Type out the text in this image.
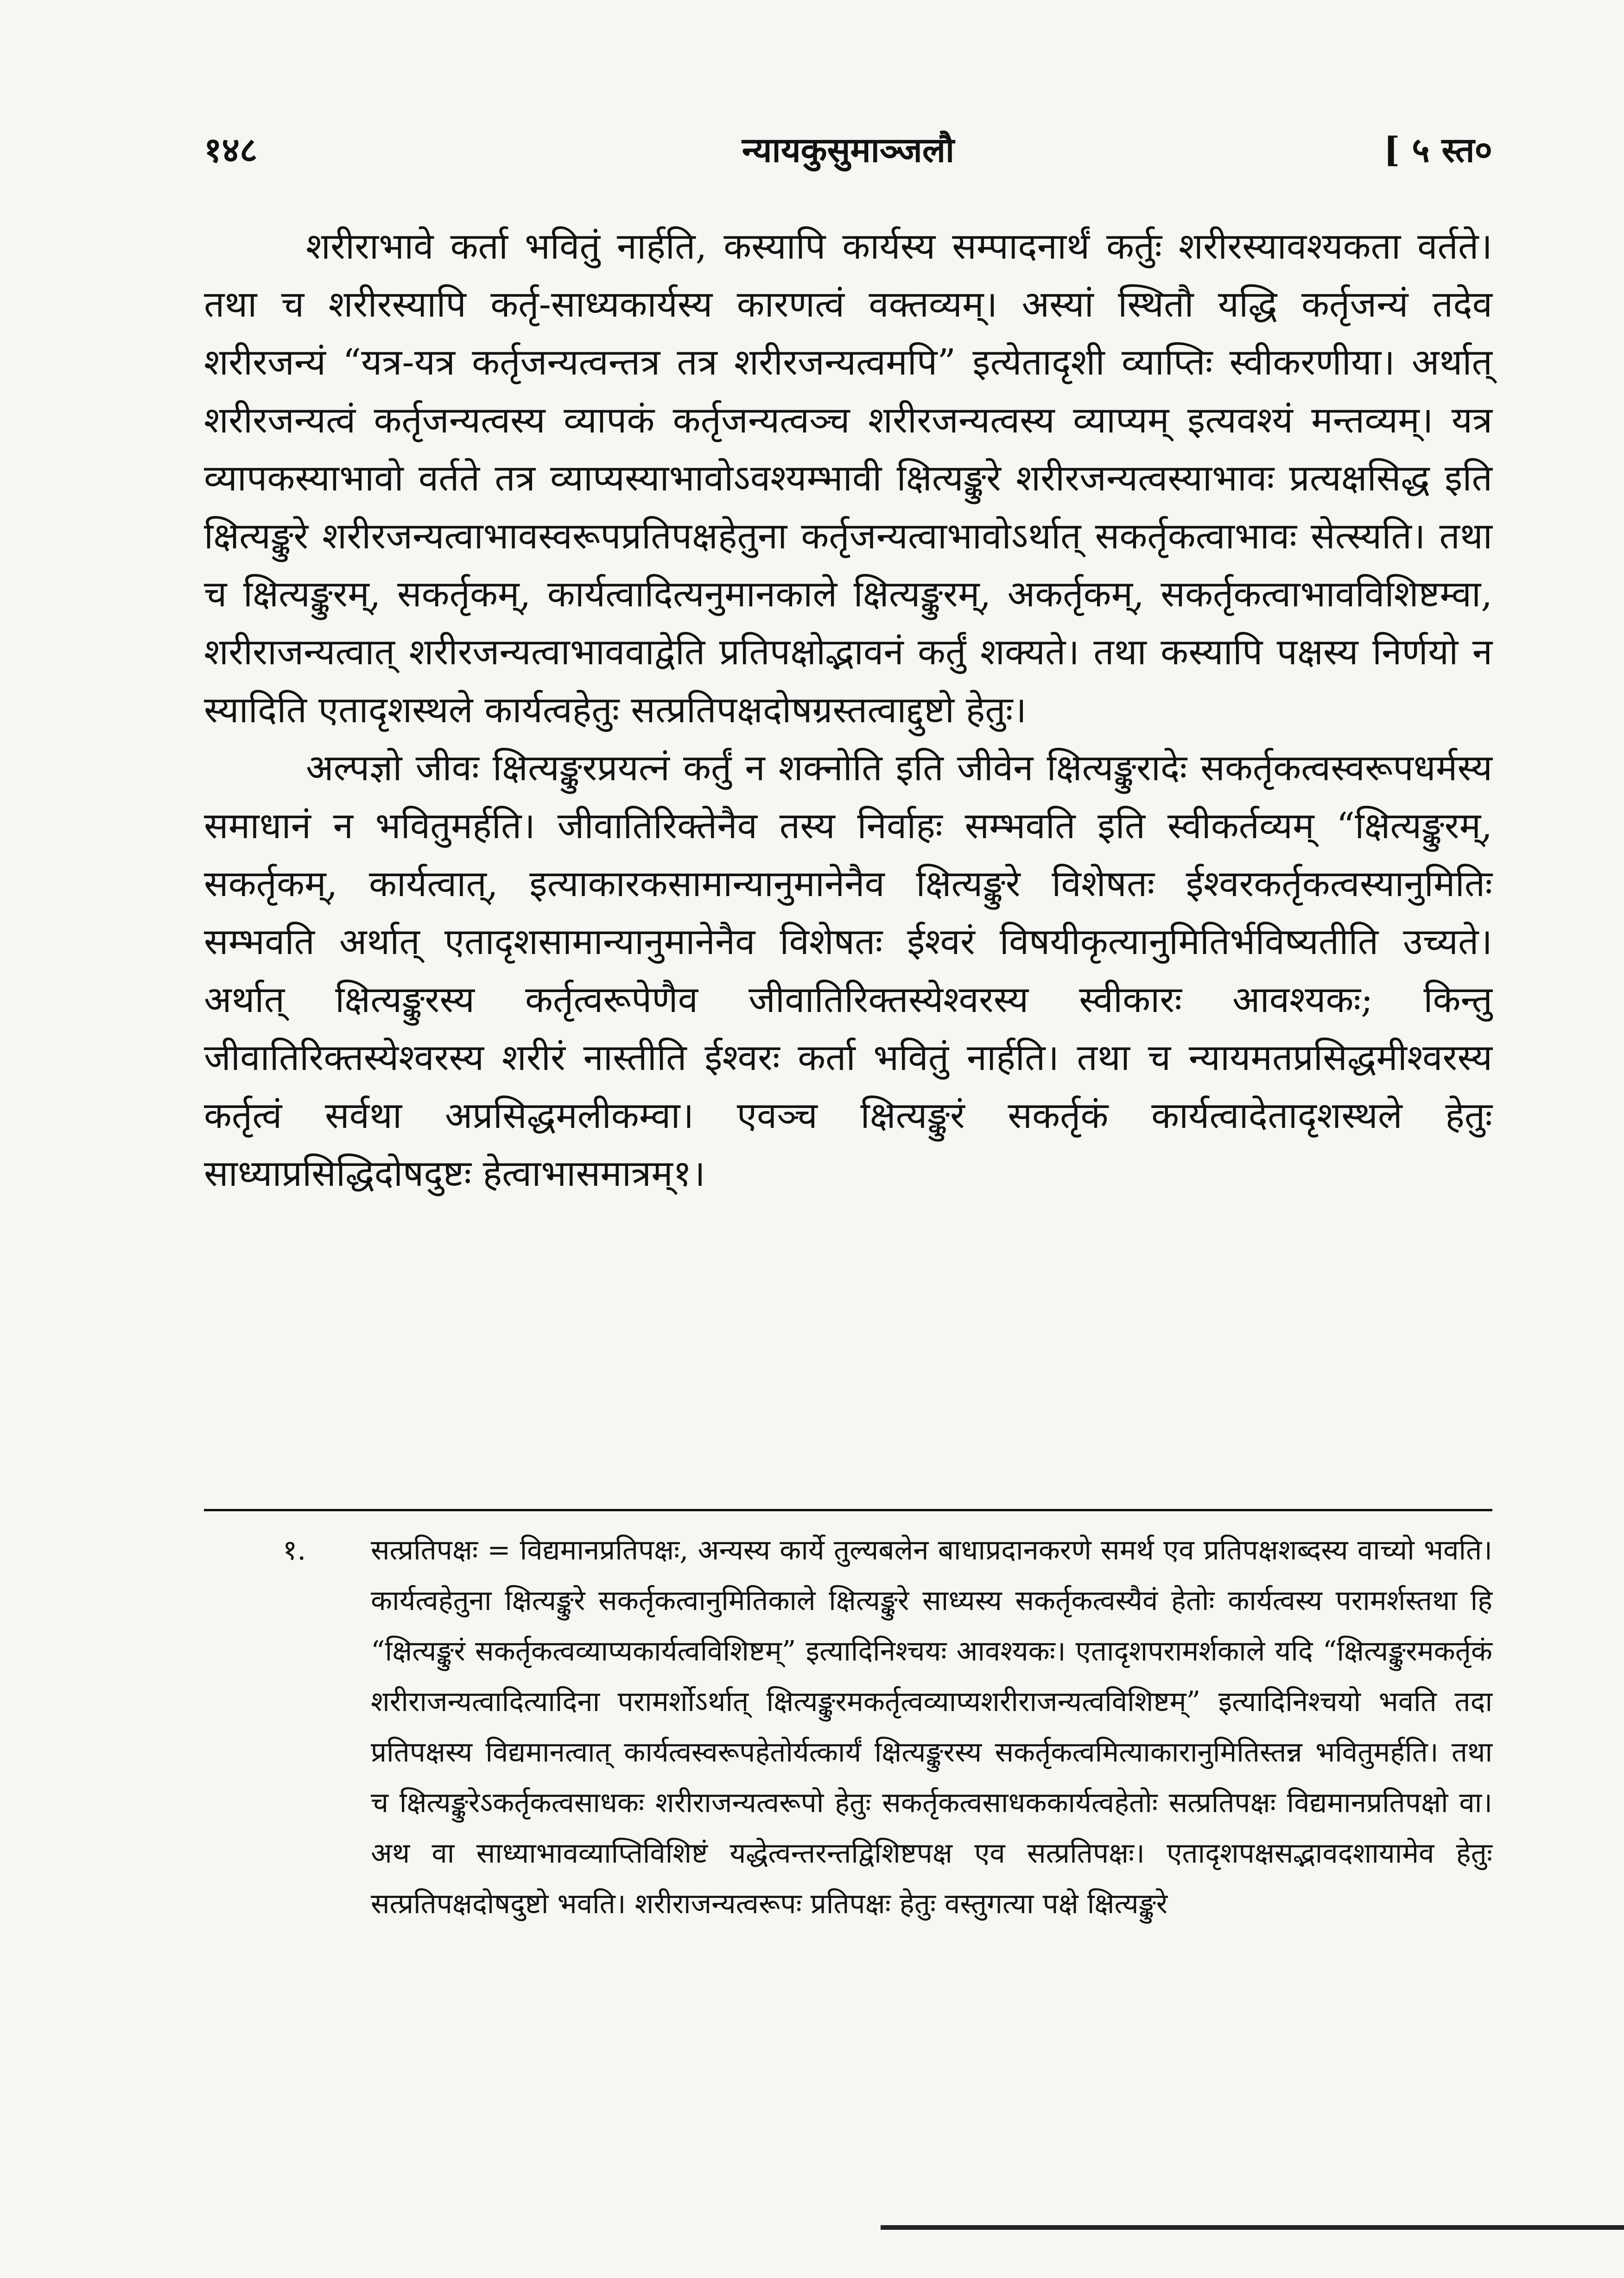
१४८	न्यायकुसुमाञ्जलौ	[ ५ स्त०

शरीराभावे कर्ता भवितुं नार्हति, कस्यापि कार्यस्य सम्पादनार्थं कर्तुः शरीरस्यावश्यकता वर्तते। तथा च शरीरस्यापि कर्तृ-साध्यकार्यस्य कारणत्वं वक्तव्यम्। अस्यां स्थितौ यद्धि कर्तृजन्यं तदेव शरीरजन्यं “यत्र-यत्र कर्तृजन्यत्वन्तत्र तत्र शरीरजन्यत्वमपि” इत्येतादृशी व्याप्तिः स्वीकरणीया। अर्थात् शरीरजन्यत्वं कर्तृजन्यत्वस्य व्यापकं कर्तृजन्यत्वञ्च शरीरजन्यत्वस्य व्याप्यम् इत्यवश्यं मन्तव्यम्। यत्र व्यापकस्याभावो वर्तते तत्र व्याप्यस्याभावोऽवश्यम्भावी क्षित्यङ्कुरे शरीरजन्यत्वस्याभावः प्रत्यक्षसिद्ध इति क्षित्यङ्कुरे शरीरजन्यत्वाभावस्वरूपप्रतिपक्षहेतुना कर्तृजन्यत्वाभावोऽर्थात् सकर्तृकत्वाभावः सेत्स्यति। तथा च क्षित्यङ्कुरम्, सकर्तृकम्, कार्यत्वादित्यनुमानकाले क्षित्यङ्कुरम्, अकर्तृकम्, सकर्तृकत्वाभावविशिष्टम्वा, शरीराजन्यत्वात् शरीरजन्यत्वाभाववाद्वेति प्रतिपक्षोद्भावनं कर्तुं शक्यते। तथा कस्यापि पक्षस्य निर्णयो न स्यादिति एतादृशस्थले कार्यत्वहेतुः सत्प्रतिपक्षदोषग्रस्तत्वाद्दुष्टो हेतुः।

अल्पज्ञो जीवः क्षित्यङ्कुरप्रयत्नं कर्तुं न शक्नोति इति जीवेन क्षित्यङ्कुरादेः सकर्तृकत्वस्वरूपधर्मस्य समाधानं न भवितुमर्हति। जीवातिरिक्तेनैव तस्य निर्वाहः सम्भवति इति स्वीकर्तव्यम् “क्षित्यङ्कुरम्, सकर्तृकम्, कार्यत्वात्, इत्याकारकसामान्यानुमानेनैव क्षित्यङ्कुरे विशेषतः ईश्वरकर्तृकत्वस्यानुमितिः सम्भवति अर्थात् एतादृशसामान्यानुमानेनैव विशेषतः ईश्वरं विषयीकृत्यानुमितिर्भविष्यतीति उच्यते। अर्थात् क्षित्यङ्कुरस्य कर्तृत्वरूपेणैव जीवातिरिक्तस्येश्वरस्य स्वीकारः आवश्यकः; किन्तु जीवातिरिक्तस्येश्वरस्य शरीरं नास्तीति ईश्वरः कर्ता भवितुं नार्हति। तथा च न्यायमतप्रसिद्धमीश्वरस्य कर्तृत्वं सर्वथा अप्रसिद्धमलीकम्वा। एवञ्च क्षित्यङ्कुरं सकर्तृकं कार्यत्वादेतादृशस्थले हेतुः साध्याप्रसिद्धिदोषदुष्टः हेत्वाभासमात्रम्१।

१. सत्प्रतिपक्षः = विद्यमानप्रतिपक्षः, अन्यस्य कार्ये तुल्यबलेन बाधाप्रदानकरणे समर्थ एव प्रतिपक्षशब्दस्य वाच्यो भवति। कार्यत्वहेतुना क्षित्यङ्कुरे सकर्तृकत्वानुमितिकाले क्षित्यङ्कुरे साध्यस्य सकर्तृकत्वस्यैवं हेतोः कार्यत्वस्य परामर्शस्तथा हि “क्षित्यङ्कुरं सकर्तृकत्वव्याप्यकार्यत्वविशिष्टम्” इत्यादिनिश्चयः आवश्यकः। एतादृशपरामर्शकाले यदि “क्षित्यङ्कुरमकर्तृकं शरीराजन्यत्वादित्यादिना परामर्शोऽर्थात् क्षित्यङ्कुरमकर्तृत्वव्याप्यशरीराजन्यत्वविशिष्टम्” इत्यादिनिश्चयो भवति तदा प्रतिपक्षस्य विद्यमानत्वात् कार्यत्वस्वरूपहेतोर्यत्कार्यं क्षित्यङ्कुरस्य सकर्तृकत्वमित्याकारानुमितिस्तन्न भवितुमर्हति। तथा च क्षित्यङ्कुरेऽकर्तृकत्वसाधकः शरीराजन्यत्वरूपो हेतुः सकर्तृकत्वसाधककार्यत्वहेतोः सत्प्रतिपक्षः विद्यमानप्रतिपक्षो वा। अथ वा साध्याभावव्याप्तिविशिष्टं यद्धेत्वन्तरन्तद्विशिष्टपक्ष एव सत्प्रतिपक्षः। एतादृशपक्षसद्भावदशायामेव हेतुः सत्प्रतिपक्षदोषदुष्टो भवति। शरीराजन्यत्वरूपः प्रतिपक्षः हेतुः वस्तुगत्या पक्षे क्षित्यङ्कुरे
